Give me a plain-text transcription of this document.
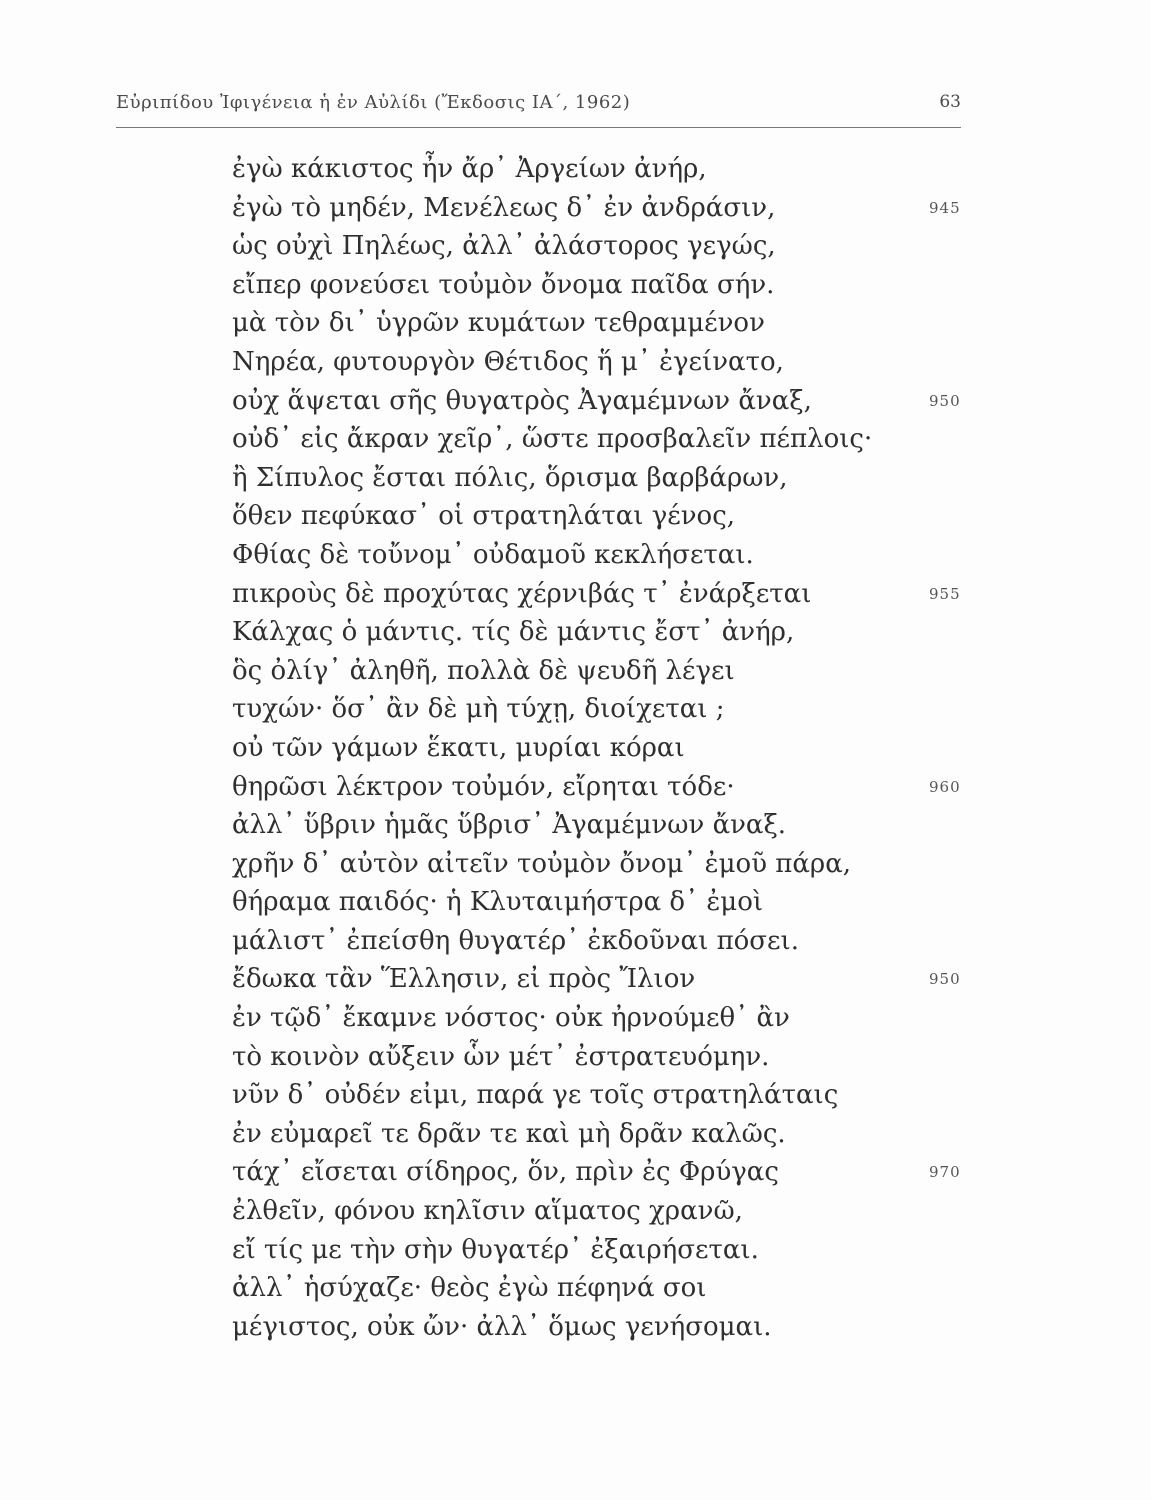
Εὐριπίδου Ἰφιγένεια ἡ ἐν Αὐλίδι (Ἔκδοσις ΙΑ΄, 1962)	63
ἐγὼ κάκιστος ἦν ἄρ᾽ Ἀργείων ἀνήρ,
ἐγὼ τὸ μηδέν, Μενέλεως δ᾽ ἐν ἀνδράσιν,	945
ὡς οὐχὶ Πηλέως, ἀλλ᾽ ἀλάστορος γεγώς,
εἴπερ φονεύσει τοὐμὸν ὄνομα παῖδα σήν.
μὰ τὸν δι᾽ ὑγρῶν κυμάτων τεθραμμένον
Νηρέα, φυτουργὸν Θέτιδος ἥ μ᾽ ἐγείνατο,
οὐχ ἅψεται σῆς θυγατρὸς Ἀγαμέμνων ἄναξ,	950
οὐδ᾽ εἰς ἄκραν χεῖρ᾽, ὥστε προσβαλεῖν πέπλοις·
ἢ Σίπυλος ἔσται πόλις, ὅρισμα βαρβάρων,
ὅθεν πεφύκασ᾽ οἱ στρατηλάται γένος,
Φθίας δὲ τοὔνομ᾽ οὐδαμοῦ κεκλήσεται.
πικροὺς δὲ προχύτας χέρνιβάς τ᾽ ἐνάρξεται	955
Κάλχας ὁ μάντις. τίς δὲ μάντις ἔστ᾽ ἀνήρ,
ὃς ὀλίγ᾽ ἀληθῆ, πολλὰ δὲ ψευδῆ λέγει
τυχών· ὅσ᾽ ἂν δὲ μὴ τύχῃ, διοίχεται ;
οὐ τῶν γάμων ἕκατι, μυρίαι κόραι
θηρῶσι λέκτρον τοὐμόν, εἴρηται τόδε·	960
ἀλλ᾽ ὕβριν ἡμᾶς ὕβρισ᾽ Ἀγαμέμνων ἄναξ.
χρῆν δ᾽ αὐτὸν αἰτεῖν τοὐμὸν ὄνομ᾽ ἐμοῦ πάρα,
θήραμα παιδός· ἡ Κλυταιμήστρα δ᾽ ἐμοὶ
μάλιστ᾽ ἐπείσθη θυγατέρ᾽ ἐκδοῦναι πόσει.
ἔδωκα τἂν Ἕλλησιν, εἰ πρὸς Ἴλιον	950
ἐν τῷδ᾽ ἔκαμνε νόστος· οὐκ ἠρνούμεθ᾽ ἂν
τὸ κοινὸν αὔξειν ὧν μέτ᾽ ἐστρατευόμην.
νῦν δ᾽ οὐδέν εἰμι, παρά γε τοῖς στρατηλάταις
ἐν εὐμαρεῖ τε δρᾶν τε καὶ μὴ δρᾶν καλῶς.
τάχ᾽ εἴσεται σίδηρος, ὅν, πρὶν ἐς Φρύγας	970
ἐλθεῖν, φόνου κηλῖσιν αἵματος χρανῶ,
εἴ τίς με τὴν σὴν θυγατέρ᾽ ἐξαιρήσεται.
ἀλλ᾽ ἡσύχαζε· θεὸς ἐγὼ πέφηνά σοι
μέγιστος, οὐκ ὤν· ἀλλ᾽ ὅμως γενήσομαι.
